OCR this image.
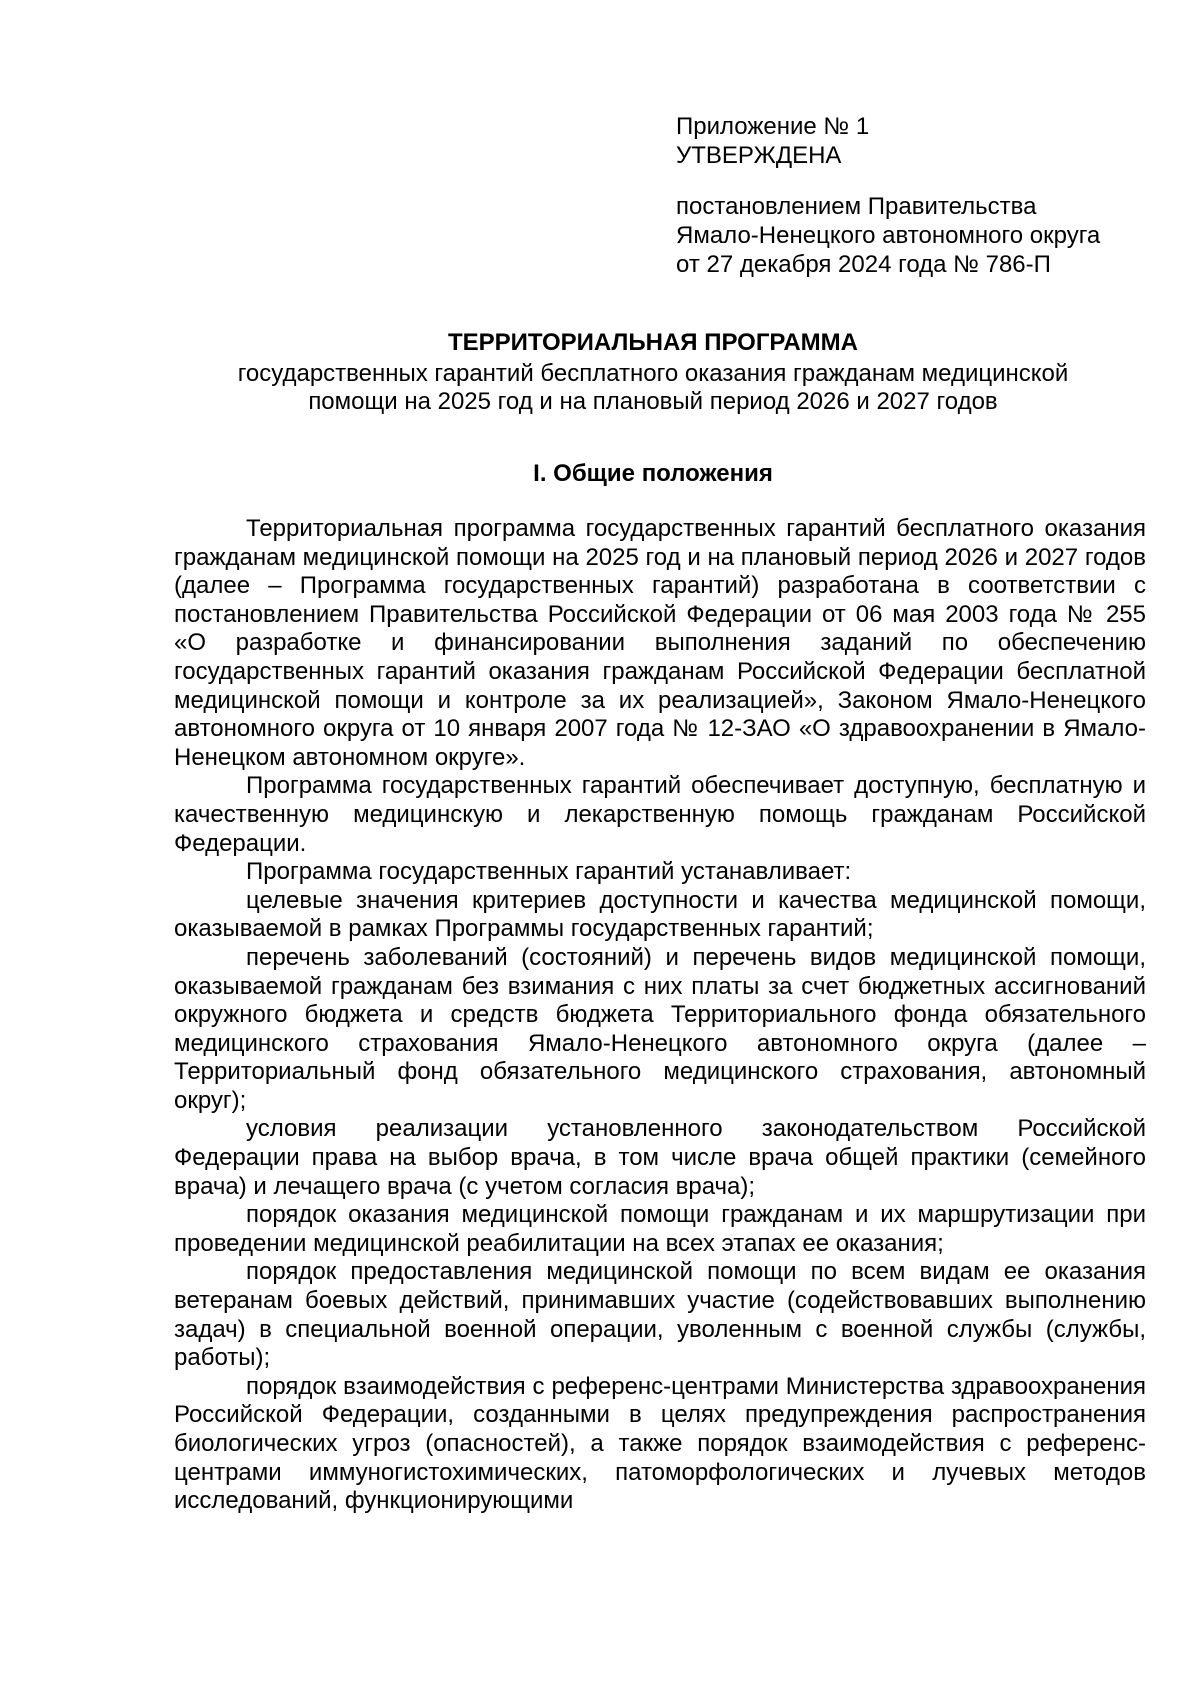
Приложение № 1
УТВЕРЖДЕНА
постановлением Правительства
Ямало-Ненецкого автономного округа
от 27 декабря 2024 года № 786-П
ТЕРРИТОРИАЛЬНАЯ ПРОГРАММА
государственных гарантий бесплатного оказания гражданам медицинской
помощи на 2025 год и на плановый период 2026 и 2027 годов
I. Общие положения

Территориальная программа государственных гарантий бесплатного оказания гражданам медицинской помощи на 2025 год и на плановый период 2026 и 2027 годов (далее – Программа государственных гарантий) разработана в соответствии с постановлением Правительства Российской Федерации от 06 мая 2003 года № 255 «О разработке и финансировании выполнения заданий по обеспечению государственных гарантий оказания гражданам Российской Федерации бесплатной медицинской помощи и контроле за их реализацией», Законом Ямало-Ненецкого автономного округа от 10 января 2007 года № 12-ЗАО «О здравоохранении в Ямало-Ненецком автономном округе».

Программа государственных гарантий обеспечивает доступную, бесплатную и качественную медицинскую и лекарственную помощь гражданам Российской Федерации.

Программа государственных гарантий устанавливает:

целевые значения критериев доступности и качества медицинской помощи, оказываемой в рамках Программы государственных гарантий;

перечень заболеваний (состояний) и перечень видов медицинской помощи, оказываемой гражданам без взимания с них платы за счет бюджетных ассигнований окружного бюджета и средств бюджета Территориального фонда обязательного медицинского страхования Ямало-Ненецкого автономного округа (далее – Территориальный фонд обязательного медицинского страхования, автономный округ);

условия реализации установленного законодательством Российской Федерации права на выбор врача, в том числе врача общей практики (семейного врача) и лечащего врача (с учетом согласия врача);

порядок оказания медицинской помощи гражданам и их маршрутизации при проведении медицинской реабилитации на всех этапах ее оказания;

порядок предоставления медицинской помощи по всем видам ее оказания ветеранам боевых действий, принимавших участие (содействовавших выполнению задач) в специальной военной операции, уволенным с военной службы (службы, работы);

порядок взаимодействия с референс-центрами Министерства здравоохранения Российской Федерации, созданными в целях предупреждения распространения биологических угроз (опасностей), а также порядок взаимодействия с референс-центрами иммуногистохимических, патоморфологических и лучевых методов исследований, функционирующими
